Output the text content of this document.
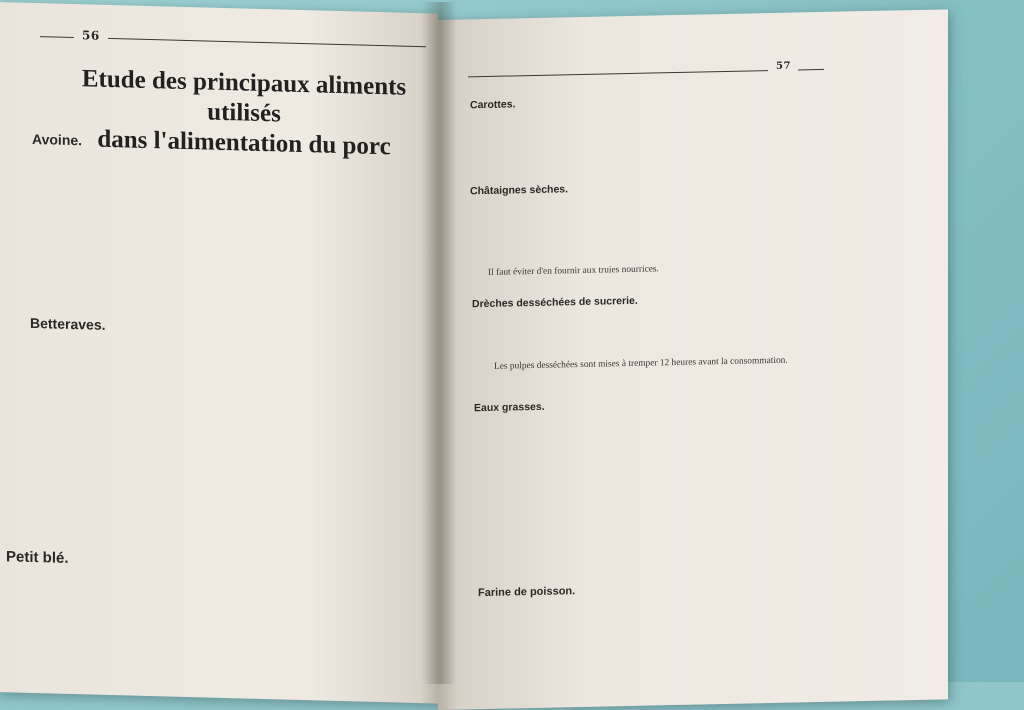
56
Etude des principaux aliments utilisés
dans l'alimentation du porc
Avoine.
Betteraves.
Petit blé.
57
Carottes.
Châtaignes sèches.

Il faut éviter d'en fournir aux truies nourrices.

Drèches desséchées de sucrerie.

Les pulpes desséchées sont mises à tremper 12 heures avant la consommation.

Eaux grasses.
Farine de poisson.
